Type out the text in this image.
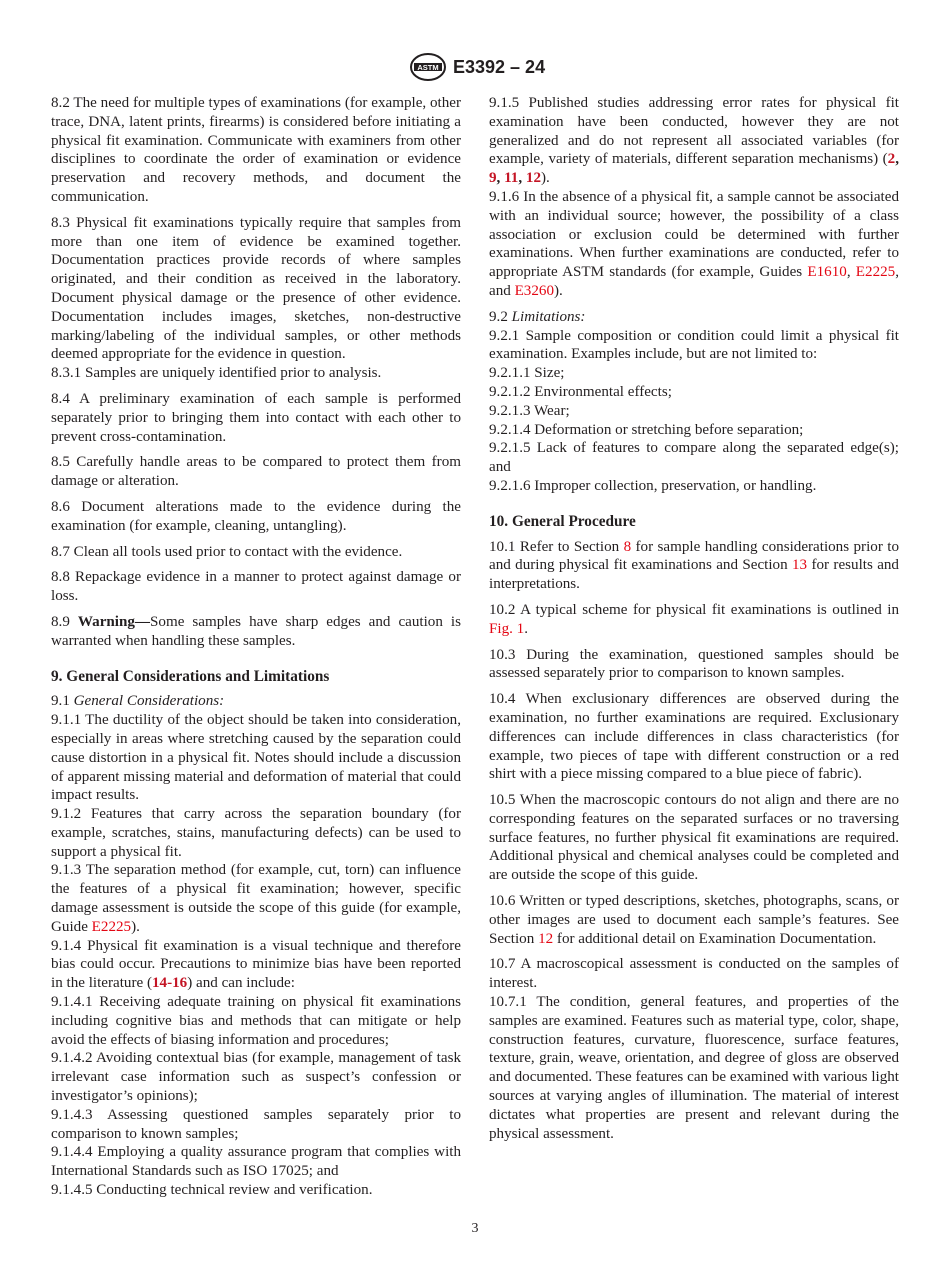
ASTM E3392 – 24

8.2 The need for multiple types of examinations (for example, other trace, DNA, latent prints, firearms) is considered before initiating a physical fit examination. Communicate with examiners from other disciplines to coordinate the order of examination or evidence preservation and recovery methods, and document the communication.

8.3 Physical fit examinations typically require that samples from more than one item of evidence be examined together. Documentation practices provide records of where samples originated, and their condition as received in the laboratory. Document physical damage or the presence of other evidence. Documentation includes images, sketches, non-destructive marking/labeling of the individual samples, or other methods deemed appropriate for the evidence in question.

8.3.1 Samples are uniquely identified prior to analysis.

8.4 A preliminary examination of each sample is performed separately prior to bringing them into contact with each other to prevent cross-contamination.

8.5 Carefully handle areas to be compared to protect them from damage or alteration.

8.6 Document alterations made to the evidence during the examination (for example, cleaning, untangling).

8.7 Clean all tools used prior to contact with the evidence.

8.8 Repackage evidence in a manner to protect against damage or loss.

8.9 Warning—Some samples have sharp edges and caution is warranted when handling these samples.

9. General Considerations and Limitations

9.1 General Considerations:

9.1.1 The ductility of the object should be taken into consideration, especially in areas where stretching caused by the separation could cause distortion in a physical fit. Notes should include a discussion of apparent missing material and deformation of material that could impact results.

9.1.2 Features that carry across the separation boundary (for example, scratches, stains, manufacturing defects) can be used to support a physical fit.

9.1.3 The separation method (for example, cut, torn) can influence the features of a physical fit examination; however, specific damage assessment is outside the scope of this guide (for example, Guide E2225).

9.1.4 Physical fit examination is a visual technique and therefore bias could occur. Precautions to minimize bias have been reported in the literature (14-16) and can include:

9.1.4.1 Receiving adequate training on physical fit examinations including cognitive bias and methods that can mitigate or help avoid the effects of biasing information and procedures;

9.1.4.2 Avoiding contextual bias (for example, management of task irrelevant case information such as suspect’s confession or investigator’s opinions);

9.1.4.3 Assessing questioned samples separately prior to comparison to known samples;

9.1.4.4 Employing a quality assurance program that complies with International Standards such as ISO 17025; and

9.1.4.5 Conducting technical review and verification.

9.1.5 Published studies addressing error rates for physical fit examination have been conducted, however they are not generalized and do not represent all associated variables (for example, variety of materials, different separation mechanisms) (2, 9, 11, 12).

9.1.6 In the absence of a physical fit, a sample cannot be associated with an individual source; however, the possibility of a class association or exclusion could be determined with further examinations. When further examinations are conducted, refer to appropriate ASTM standards (for example, Guides E1610, E2225, and E3260).

9.2 Limitations:

9.2.1 Sample composition or condition could limit a physical fit examination. Examples include, but are not limited to:

9.2.1.1 Size;

9.2.1.2 Environmental effects;

9.2.1.3 Wear;

9.2.1.4 Deformation or stretching before separation;

9.2.1.5 Lack of features to compare along the separated edge(s); and

9.2.1.6 Improper collection, preservation, or handling.

10. General Procedure

10.1 Refer to Section 8 for sample handling considerations prior to and during physical fit examinations and Section 13 for results and interpretations.

10.2 A typical scheme for physical fit examinations is outlined in Fig. 1.

10.3 During the examination, questioned samples should be assessed separately prior to comparison to known samples.

10.4 When exclusionary differences are observed during the examination, no further examinations are required. Exclusionary differences can include differences in class characteristics (for example, two pieces of tape with different construction or a red shirt with a piece missing compared to a blue piece of fabric).

10.5 When the macroscopic contours do not align and there are no corresponding features on the separated surfaces or no traversing surface features, no further physical fit examinations are required. Additional physical and chemical analyses could be completed and are outside the scope of this guide.

10.6 Written or typed descriptions, sketches, photographs, scans, or other images are used to document each sample’s features. See Section 12 for additional detail on Examination Documentation.

10.7 A macroscopical assessment is conducted on the samples of interest.

10.7.1 The condition, general features, and properties of the samples are examined. Features such as material type, color, shape, construction features, curvature, fluorescence, surface features, texture, grain, weave, orientation, and degree of gloss are observed and documented. These features can be examined with various light sources at varying angles of illumination. The material of interest dictates what properties are present and relevant during the physical assessment.

3
